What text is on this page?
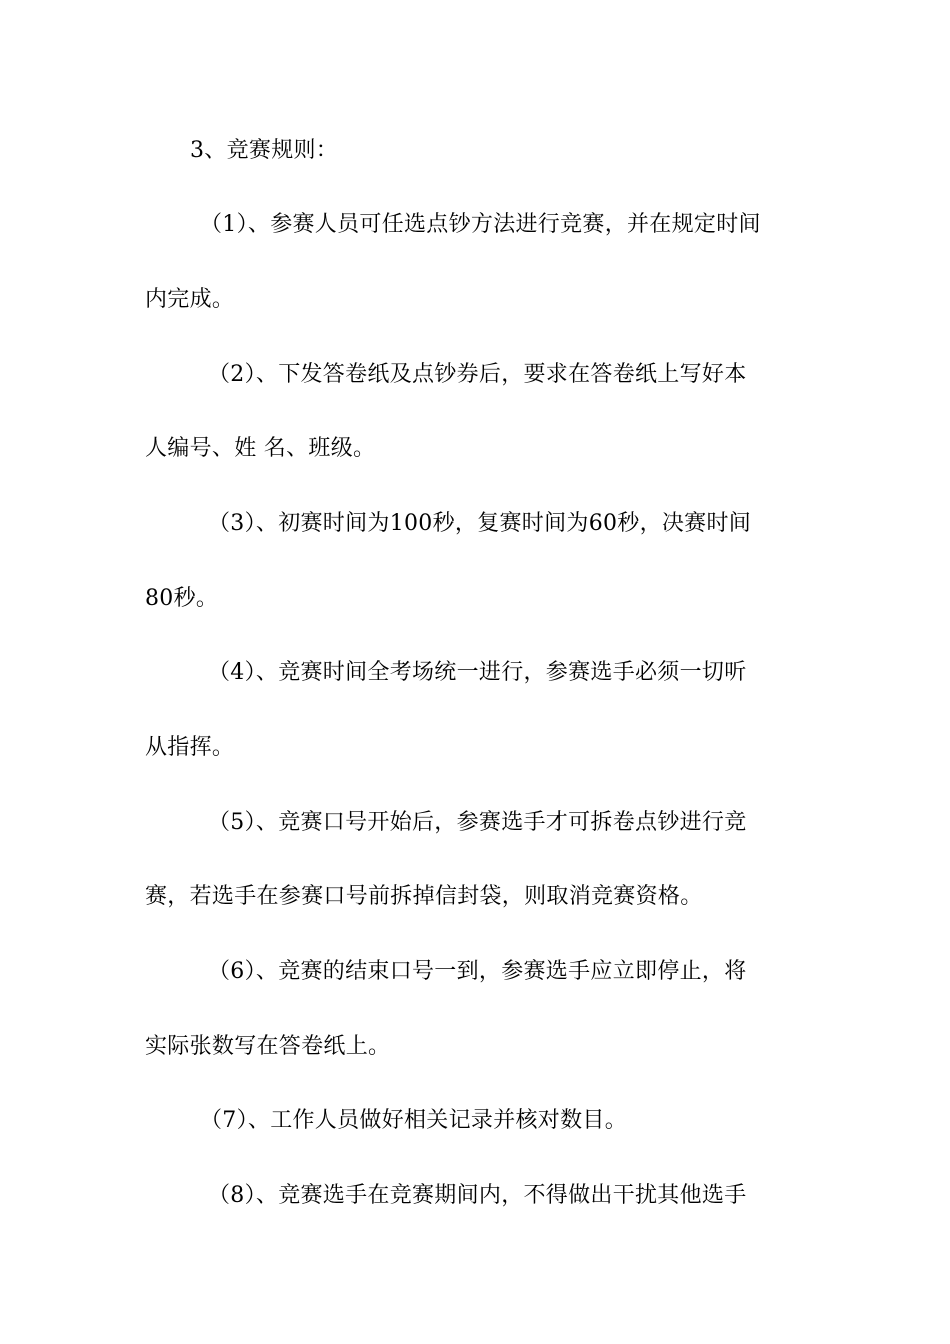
3、竞赛规则：
（1）、参赛人员可任选点钞方法进行竞赛，并在规定时间
内完成。
（2）、下发答卷纸及点钞券后，要求在答卷纸上写好本
人编号、姓 名、班级。
（3）、初赛时间为100秒，复赛时间为60秒，决赛时间
80秒。
（4）、竞赛时间全考场统一进行，参赛选手必须一切听
从指挥。
（5）、竞赛口号开始后，参赛选手才可拆卷点钞进行竞
赛，若选手在参赛口号前拆掉信封袋，则取消竞赛资格。
（6）、竞赛的结束口号一到，参赛选手应立即停止，将
实际张数写在答卷纸上。
（7）、工作人员做好相关记录并核对数目。
（8）、竞赛选手在竞赛期间内，不得做出干扰其他选手
